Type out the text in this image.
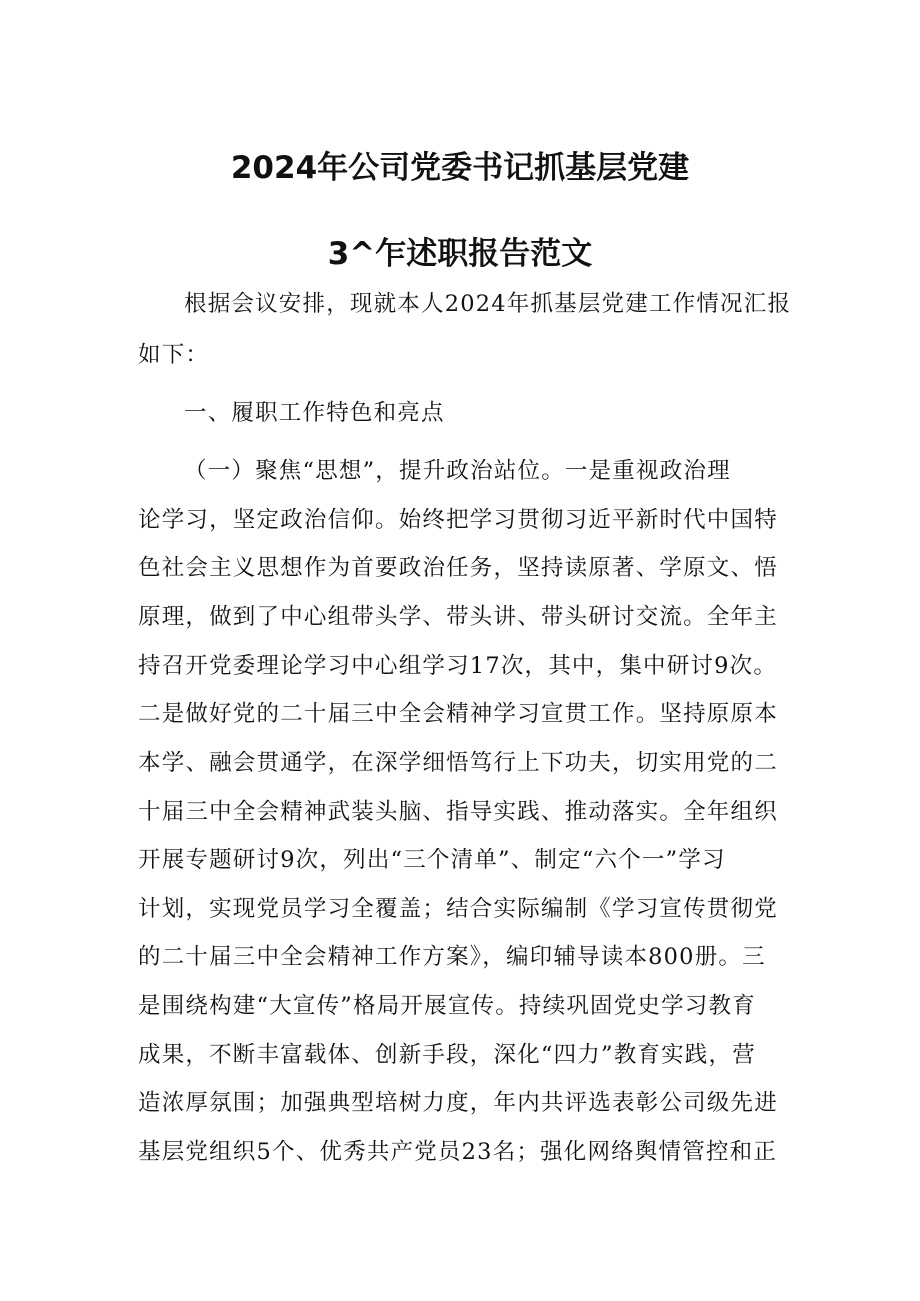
2024年公司党委书记抓基层党建
3^乍述职报告范文
根据会议安排，现就本人2024年抓基层党建工作情况汇报
如下：
一、履职工作特色和亮点
（一）聚焦“思想”，提升政治站位。一是重视政治理
论学习，坚定政治信仰。始终把学习贯彻习近平新时代中国特
色社会主义思想作为首要政治任务，坚持读原著、学原文、悟
原理，做到了中心组带头学、带头讲、带头研讨交流。全年主
持召开党委理论学习中心组学习17次，其中，集中研讨9次。
二是做好党的二十届三中全会精神学习宣贯工作。坚持原原本
本学、融会贯通学，在深学细悟笃行上下功夫，切实用党的二
十届三中全会精神武装头脑、指导实践、推动落实。全年组织
开展专题研讨9次，列出“三个清单”、制定“六个一”学习
计划，实现党员学习全覆盖；结合实际编制《学习宣传贯彻党
的二十届三中全会精神工作方案》，编印辅导读本800册。三
是围绕构建“大宣传”格局开展宣传。持续巩固党史学习教育
成果，不断丰富载体、创新手段，深化“四力”教育实践，营
造浓厚氛围；加强典型培树力度，年内共评选表彰公司级先进
基层党组织5个、优秀共产党员23名；强化网络舆情管控和正
